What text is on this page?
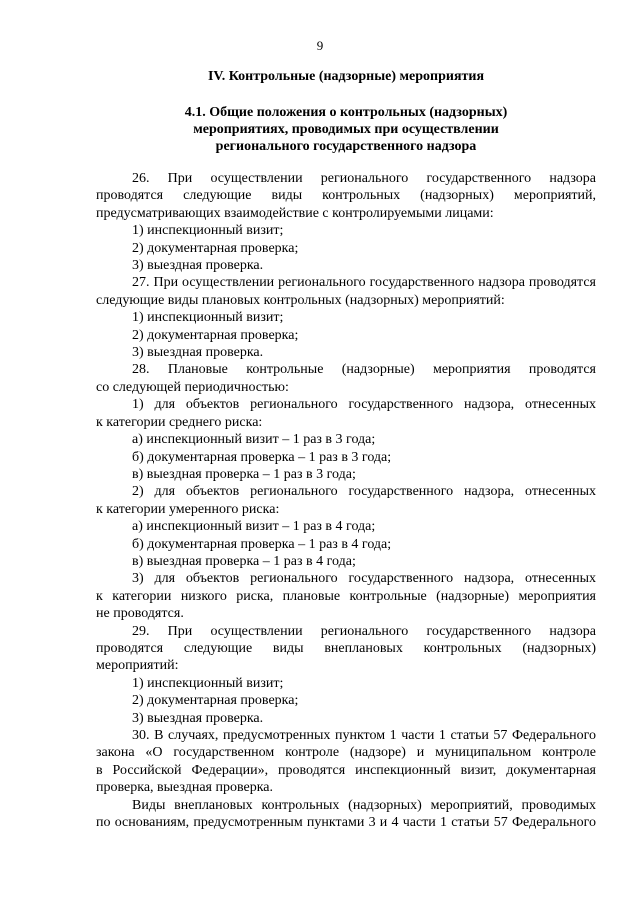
9
IV. Контрольные (надзорные) мероприятия
4.1. Общие положения о контрольных (надзорных)
мероприятиях, проводимых при осуществлении
регионального государственного надзора

26. При осуществлении регионального государственного надзора

проводятся следующие виды контрольных (надзорных) мероприятий,

предусматривающих взаимодействие с контролируемыми лицами:

1) инспекционный визит;

2) документарная проверка;

3) выездная проверка.

27. При осуществлении регионального государственного надзора проводятся

следующие виды плановых контрольных (надзорных) мероприятий:

1) инспекционный визит;

2) документарная проверка;

3) выездная проверка.

28. Плановые контрольные (надзорные) мероприятия проводятся

со следующей периодичностью:

1) для объектов регионального государственного надзора, отнесенных

к категории среднего риска:

а) инспекционный визит – 1 раз в 3 года;

б) документарная проверка – 1 раз в 3 года;

в) выездная проверка – 1 раз в 3 года;

2) для объектов регионального государственного надзора, отнесенных

к категории умеренного риска:

а) инспекционный визит – 1 раз в 4 года;

б) документарная проверка – 1 раз в 4 года;

в) выездная проверка – 1 раз в 4 года;

3) для объектов регионального государственного надзора, отнесенных

к категории низкого риска, плановые контрольные (надзорные) мероприятия

не проводятся.

29. При осуществлении регионального государственного надзора

проводятся следующие виды внеплановых контрольных (надзорных)

мероприятий:

1) инспекционный визит;

2) документарная проверка;

3) выездная проверка.

30. В случаях, предусмотренных пунктом 1 части 1 статьи 57 Федерального

закона «О государственном контроле (надзоре) и муниципальном контроле

в Российской Федерации», проводятся инспекционный визит, документарная

проверка, выездная проверка.

Виды внеплановых контрольных (надзорных) мероприятий, проводимых

по основаниям, предусмотренным пунктами 3 и 4 части 1 статьи 57 Федерального
